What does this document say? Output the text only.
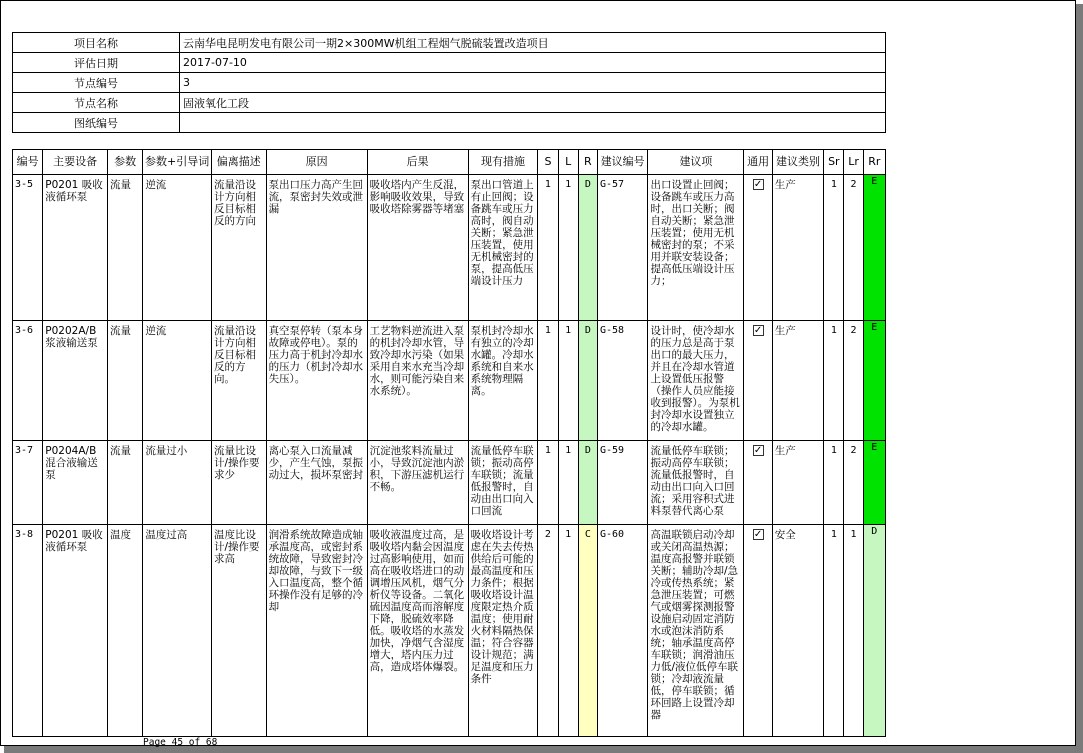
项目名称	云南华电昆明发电有限公司一期2×300MW机组工程烟气脱硫装置改造项目
评估日期	2017-07-10
节点编号	3
节点名称	固液氧化工段
图纸编号	
编号	主要设备	参数	参数+引导词	偏离描述	原因	后果	现有措施	S	L	R	建议编号	建议项	通用	建议类别	Sr	Lr	Rr
3-5	P0201 吸收液循环泵	流量	逆流	流量沿设计方向相反目标相反的方向	泵出口压力高产生回流，泵密封失效或泄漏	吸收塔内产生反混，影响吸收效果，导致吸收塔除雾器等堵塞	泵出口管道上有止回阀；设备跳车或压力高时，阀自动关断；紧急泄压装置，使用无机械密封的泵，提高低压端设计压力	1	1	D	G-57	出口设置止回阀；设备跳车或压力高时，出口关断；阀自动关断；紧急泄压装置；使用无机械密封的泵；不采用并联安装设备；提高低压端设计压力；	✓	生产	1	2	E
3-6	P0202A/B 浆液输送泵	流量	逆流	流量沿设计方向相反目标相反的方向。	真空泵停转（泵本身故障或停电）。泵的压力高于机封冷却水的压力（机封冷却水失压）。	工艺物料逆流进入泵的机封冷却水管，导致冷却水污染（如果采用自来水充当冷却水，则可能污染自来水系统）。	泵机封冷却水有独立的冷却水罐。冷却水系统和自来水系统物理隔离。	1	1	D	G-58	设计时，使冷却水的压力总是高于泵出口的最大压力，并且在冷却水管道上设置低压报警（操作人员应能接收到报警）。为泵机封冷却水设置独立的冷却水罐。	✓	生产	1	2	E
3-7	P0204A/B 混合液输送泵	流量	流量过小	流量比设计/操作要求少	离心泵入口流量减少，产生气蚀，泵振动过大，损坏泵密封	沉淀池浆料流量过小，导致沉淀池内淤积，下游压滤机运行不畅。	流量低停车联锁；振动高停车联锁；流量低报警时，自动由出口向入口回流	1	1	D	G-59	流量低停车联锁；振动高停车联锁；流量低报警时，自动由出口向入口回流；采用容积式进料泵替代离心泵	✓	生产	1	2	E
3-8	P0201 吸收液循环泵	温度	温度过高	温度比设计/操作要求高	润滑系统故障造成轴承温度高，或密封系统故障，导致密封冷却故障，与致下一级入口温度高，整个循环操作没有足够的冷却	吸收液温度过高，是吸收塔内黏会因温度过高影响使用，如而高在吸收塔进口的动调增压风机，烟气分析仪等设备。二氧化硫因温度高而溶解度下降，脱硫效率降低。吸收塔的水蒸发加快，净烟气含湿度增大，塔内压力过高，造成塔体爆裂。	吸收塔设计考虑在失去传热供给后可能的最高温度和压力条件；根据吸收塔设计温度限定热介质温度；使用耐火材料隔热保温；符合容器设计规范；满足温度和压力条件	2	1	C	G-60	高温联锁启动冷却或关闭高温热源；温度高报警并联锁关断；辅助冷却/急冷或传热系统；紧急泄压装置；可燃气或烟雾探测报警设施启动固定消防水或泡沫消防系统；轴承温度高停车联锁；润滑油压力低/液位低停车联锁；冷却液流量低，停车联锁；循环回路上设置冷却器	✓	安全	1	1	D
Page 45 of 68
